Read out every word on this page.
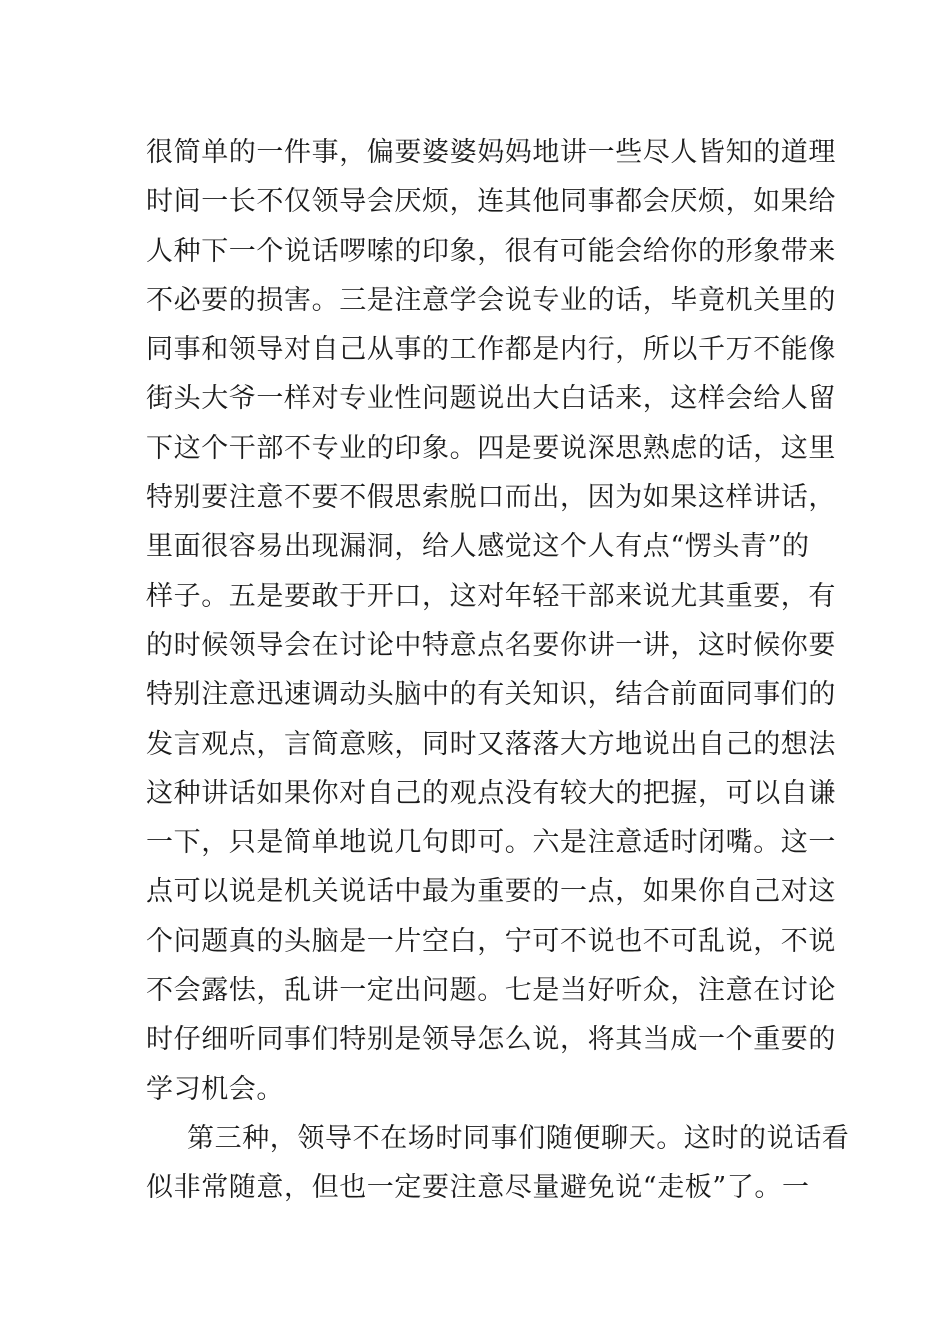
很简单的一件事，偏要婆婆妈妈地讲一些尽人皆知的道理
时间一长不仅领导会厌烦，连其他同事都会厌烦，如果给
人种下一个说话啰嗦的印象，很有可能会给你的形象带来
不必要的损害。三是注意学会说专业的话，毕竟机关里的
同事和领导对自己从事的工作都是内行，所以千万不能像
街头大爷一样对专业性问题说出大白话来，这样会给人留
下这个干部不专业的印象。四是要说深思熟虑的话，这里
特别要注意不要不假思索脱口而出，因为如果这样讲话，
里面很容易出现漏洞，给人感觉这个人有点“愣头青”的
样子。五是要敢于开口，这对年轻干部来说尤其重要，有
的时候领导会在讨论中特意点名要你讲一讲，这时候你要
特别注意迅速调动头脑中的有关知识，结合前面同事们的
发言观点，言简意赅，同时又落落大方地说出自己的想法
这种讲话如果你对自己的观点没有较大的把握，可以自谦
一下，只是简单地说几句即可。六是注意适时闭嘴。这一
点可以说是机关说话中最为重要的一点，如果你自己对这
个问题真的头脑是一片空白，宁可不说也不可乱说，不说
不会露怯，乱讲一定出问题。七是当好听众，注意在讨论
时仔细听同事们特别是领导怎么说，将其当成一个重要的
学习机会。
第三种，领导不在场时同事们随便聊天。这时的说话看
似非常随意，但也一定要注意尽量避免说“走板”了。一
